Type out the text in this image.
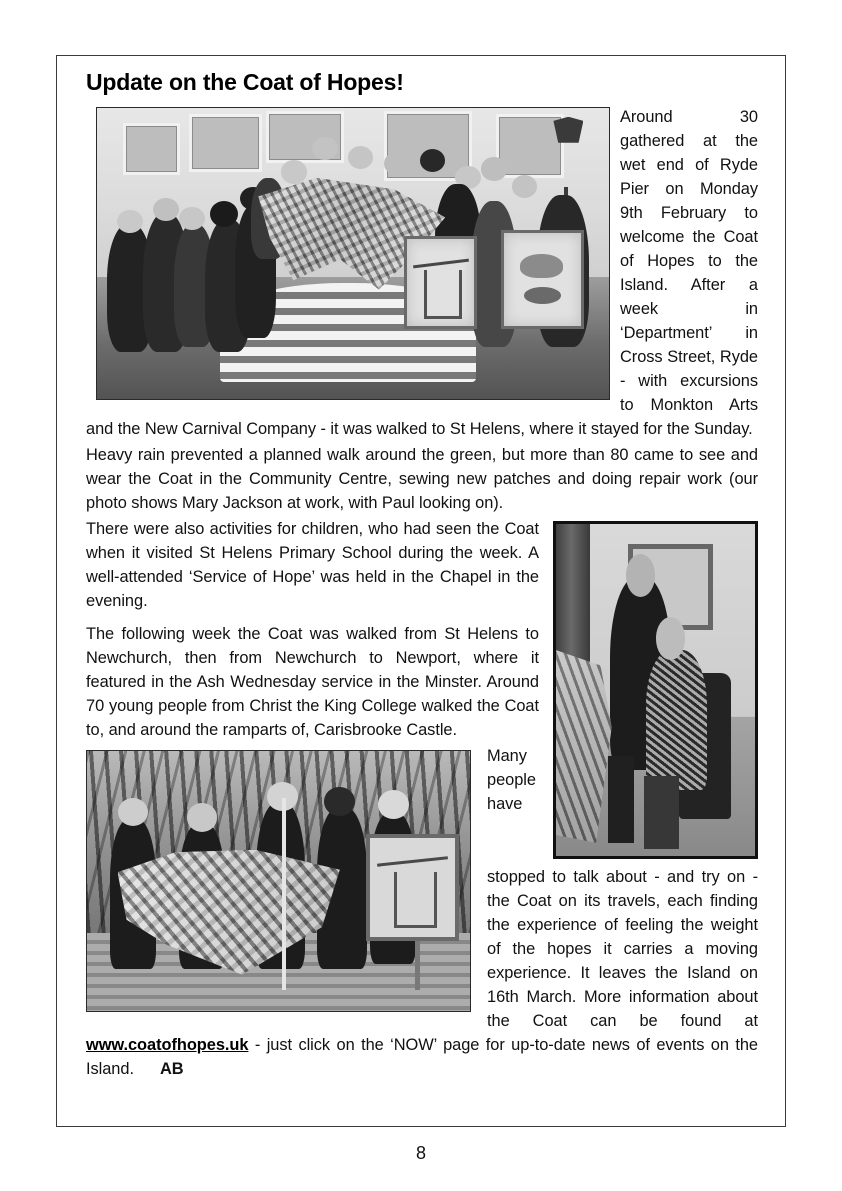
Update on the Coat of Hopes!

Around 30 gathered at the wet end of Ryde Pier on Monday 9th February to welcome the Coat of Hopes to the Island. After a week in ‘Department’ in Cross Street, Ryde - with excursions to Monkton Arts and the New Carnival Company - it was walked to St Helens, where it stayed for the Sunday.

Heavy rain prevented a planned walk around the green, but more than 80 came to see and wear the Coat in the Community Centre, sewing new patches and doing repair work (our photo shows Mary Jackson at work, with Paul looking on).

There were also activities for children, who had seen the Coat when it visited St Helens Primary School during the week. A well-attended ‘Service of Hope’ was held in the Chapel in the evening.

The following week the Coat was walked from St Helens to Newchurch, then from Newchurch to Newport, where it featured in the Ash Wednesday service in the Minster. Around 70 young people from Christ the King College walked the Coat to, and around the ramparts of, Carisbrooke Castle.

Many people have stopped to talk about - and try on - the Coat on its travels, each finding the experience of feeling the weight of the hopes it carries a moving experience. It leaves the Island on 16th March. More information about the Coat can be found at www.coatofhopes.uk - just click on the ‘NOW’ page for up-to-date news of events on the Island. AB

8
